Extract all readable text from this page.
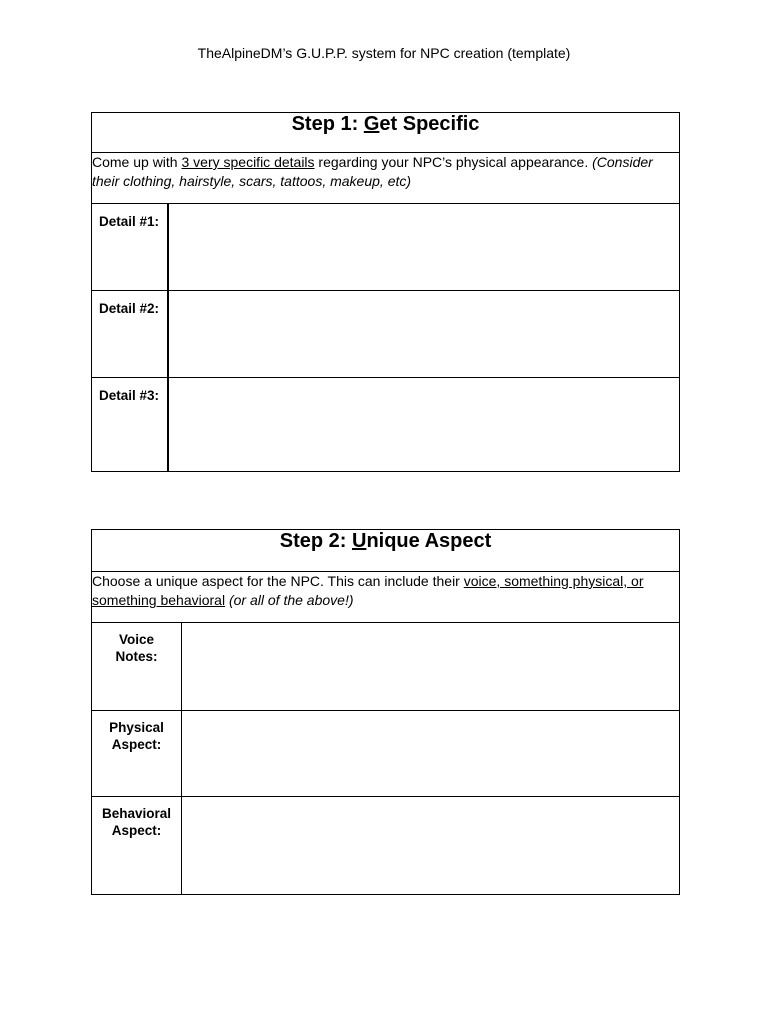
TheAlpineDM’s G.U.P.P. system for NPC creation (template)
Step 1: Get Specific	
Come up with 3 very specific details regarding your NPC’s physical appearance. (Consider their clothing, hairstyle, scars, tattoos, makeup, etc)	
Detail #1:	
Detail #2:	
Detail #3:	
Step 2: Unique Aspect	
Choose a unique aspect for the NPC. This can include their voice, something physical, or something behavioral (or all of the above!)	
Voice
Notes:	
Physical
Aspect:	
Behavioral
Aspect:	
